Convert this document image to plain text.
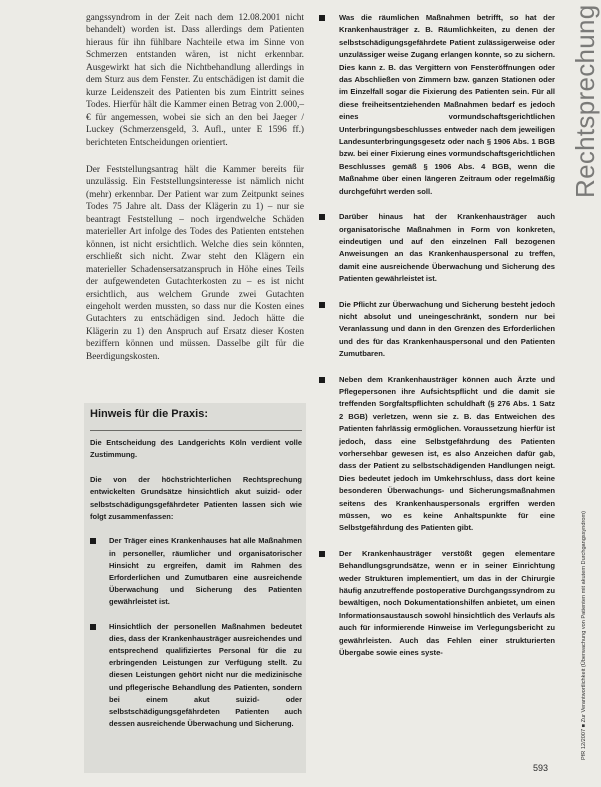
gangssyndrom in der Zeit nach dem 12.08.2001 nicht behandelt) worden ist. Dass allerdings dem Patienten hieraus für ihn fühlbare Nachteile etwa im Sinne von Schmerzen entstanden wären, ist nicht erkennbar. Ausgewirkt hat sich die Nichtbehandlung allerdings in dem Sturz aus dem Fenster. Zu entschädigen ist damit die kurze Leidenszeit des Patienten bis zum Eintritt seines Todes. Hierfür hält die Kammer einen Betrag von 2.000,– € für angemessen, wobei sie sich an den bei Jaeger / Luckey (Schmerzensgeld, 3. Aufl., unter E 1596 ff.) berichteten Entscheidungen orientiert.

Der Feststellungsantrag hält die Kammer bereits für unzulässig. Ein Feststellungsinteresse ist nämlich nicht (mehr) erkennbar. Der Patient war zum Zeitpunkt seines Todes 75 Jahre alt. Dass der Klägerin zu 1) – nur sie beantragt Feststellung – noch irgendwelche Schäden materieller Art infolge des Todes des Patienten entstehen können, ist nicht ersichtlich. Welche dies sein könnten, erschließt sich nicht. Zwar steht den Klägern ein materieller Schadensersatzanspruch in Höhe eines Teils der aufgewendeten Gutachterkosten zu – es ist nicht ersichtlich, aus welchem Grunde zwei Gutachten eingeholt werden mussten, so dass nur die Kosten eines Gutachters zu entschädigen sind. Jedoch hätte die Klägerin zu 1) den Anspruch auf Ersatz dieser Kosten beziffern können und müssen. Dasselbe gilt für die Beerdigungskosten.

Hinweis für die Praxis:

Die Entscheidung des Landgerichts Köln verdient volle Zustimmung.

Die von der höchstrichterlichen Rechtsprechung entwickelten Grundsätze hinsichtlich akut suizid- oder selbstschädigungsgefährdeter Patienten lassen sich wie folgt zusammenfassen:

Der Träger eines Krankenhauses hat alle Maßnahmen in personeller, räumlicher und organisatorischer Hinsicht zu ergreifen, damit im Rahmen des Erforderlichen und Zumutbaren eine ausreichende Überwachung und Sicherung des Patienten gewährleistet ist.
Hinsichtlich der personellen Maßnahmen bedeutet dies, dass der Krankenhausträger ausreichendes und entsprechend qualifiziertes Personal für die zu erbringenden Leistungen zur Verfügung stellt. Zu diesen Leistungen gehört nicht nur die medizinische und pflegerische Behandlung des Patienten, sondern bei einem akut suizid- oder selbstschädigungsgefährdeten Patienten auch dessen ausreichende Überwachung und Sicherung.
Was die räumlichen Maßnahmen betrifft, so hat der Krankenhausträger z. B. Räumlichkeiten, zu denen der selbstschädigungsgefährdete Patient zulässigerweise oder unzulässiger weise Zugang erlangen konnte, so zu sichern. Dies kann z. B. das Vergittern von Fensteröffnungen oder das Abschließen von Zimmern bzw. ganzen Stationen oder im Einzelfall sogar die Fixierung des Patienten sein. Für all diese freiheitsentziehenden Maßnahmen bedarf es jedoch eines vormundschaftsgerichtlichen Unterbringungsbeschlusses entweder nach dem jeweiligen Landesunterbringungsgesetz oder nach § 1906 Abs. 1 BGB bzw. bei einer Fixierung eines vormundschaftsgerichtlichen Beschlusses gemäß § 1906 Abs. 4 BGB, wenn die Maßnahme über einen längeren Zeitraum oder regelmäßig durchgeführt werden soll.
Darüber hinaus hat der Krankenhausträger auch organisatorische Maßnahmen in Form von konkreten, eindeutigen und auf den einzelnen Fall bezogenen Anweisungen an das Krankenhauspersonal zu treffen, damit eine ausreichende Überwachung und Sicherung des Patienten gewährleistet ist.
Die Pflicht zur Überwachung und Sicherung besteht jedoch nicht absolut und uneingeschränkt, sondern nur bei Veranlassung und dann in den Grenzen des Erforderlichen und des für das Krankenhauspersonal und den Patienten Zumutbaren.
Neben dem Krankenhausträger können auch Ärzte und Pflegepersonen ihre Aufsichtspflicht und die damit sie treffenden Sorgfaltspflichten schuldhaft (§ 276 Abs. 1 Satz 2 BGB) verletzen, wenn sie z. B. das Entweichen des Patienten fahrlässig ermöglichen. Voraussetzung hierfür ist jedoch, dass eine Selbstgefährdung des Patienten vorhersehbar gewesen ist, es also Anzeichen dafür gab, dass der Patient zu selbstschädigenden Handlungen neigt. Dies bedeutet jedoch im Umkehrschluss, dass dort keine besonderen Überwachungs- und Sicherungsmaßnahmen seitens des Krankenhauspersonals ergriffen werden müssen, wo es keine Anhaltspunkte für eine Selbstgefährdung des Patienten gibt.
Der Krankenhausträger verstößt gegen elementare Behandlungsgrundsätze, wenn er in seiner Einrichtung weder Strukturen implementiert, um das in der Chirurgie häufig anzutreffende postoperative Durchgangssyndrom zu bewältigen, noch Dokumentationshilfen anbietet, um einen Informationsaustausch sowohl hinsichtlich des Verlaufs als auch für informierende Hinweise im Verlegungsbericht zu gewährleisten. Auch das Fehlen einer strukturierten Übergabe sowie eines syste-
Rechtsprechung
PfR 12/2007 ■ Zur Verantwortlichkeit (Überwachung von Patienten mit akutem Durchgangssyndrom)
593
